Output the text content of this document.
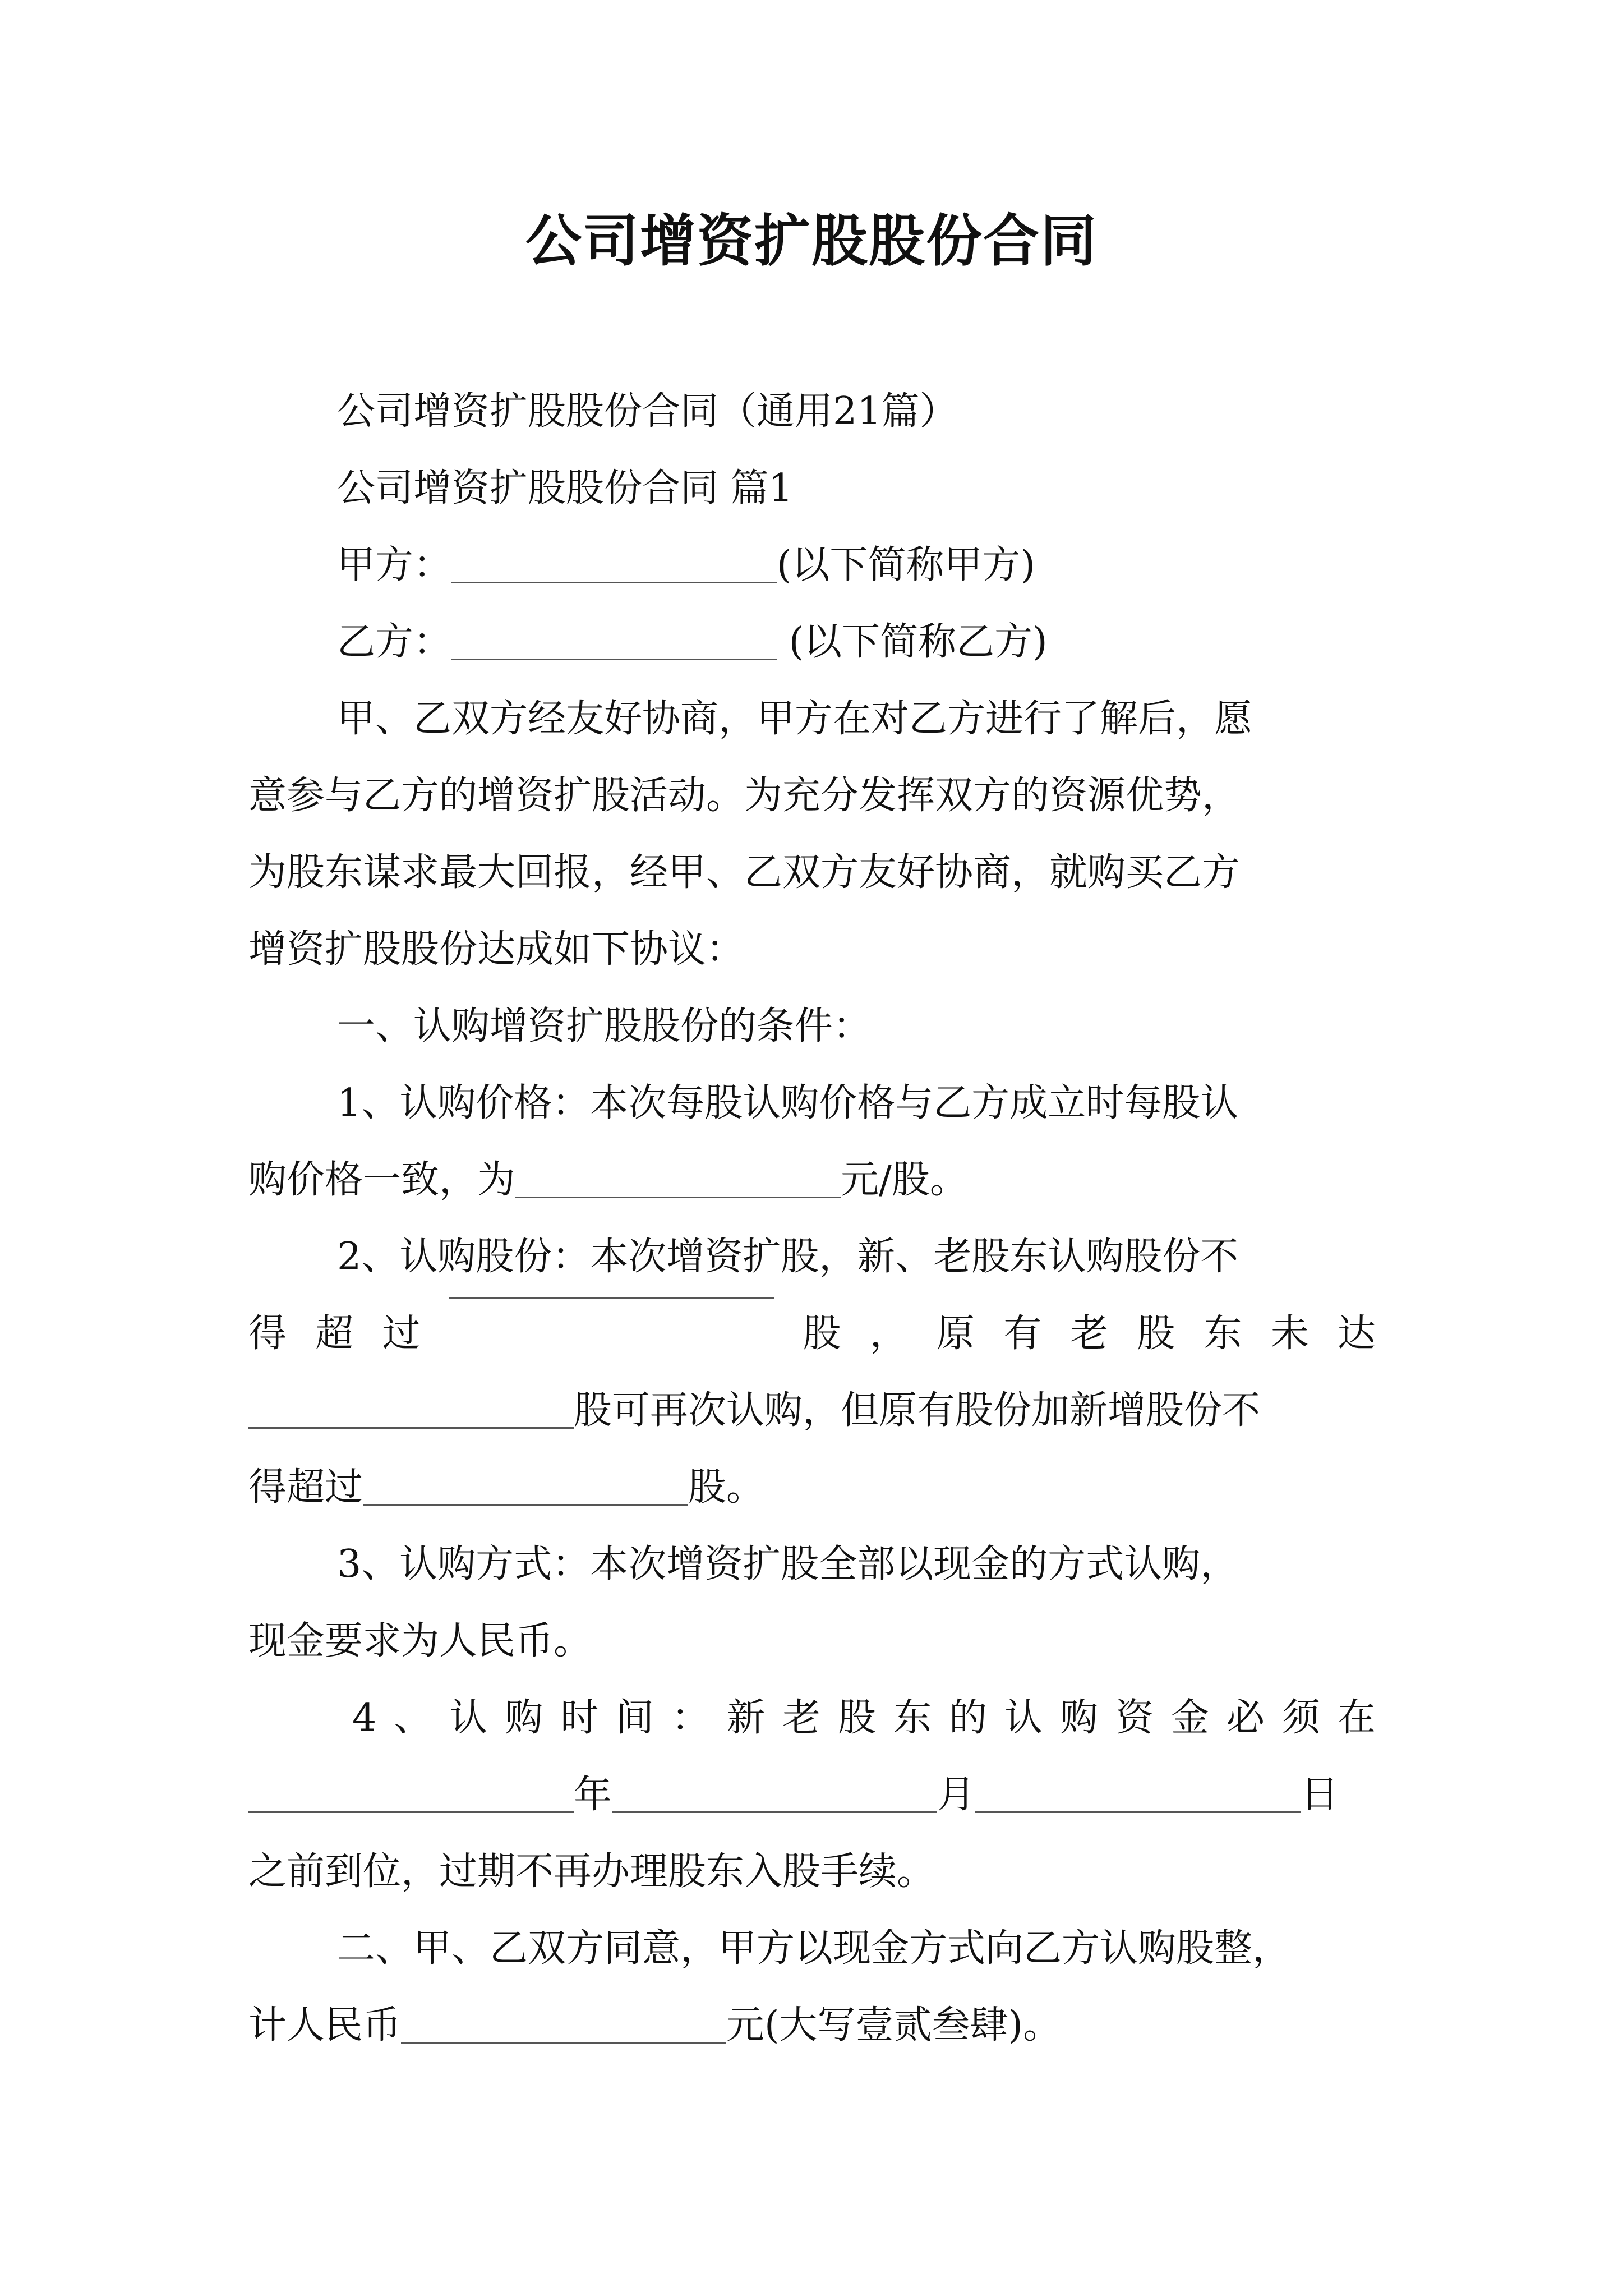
公司增资扩股股份合同
公司增资扩股股份合同（通用21篇）
公司增资扩股股份合同 篇1
甲方：	(以下简称甲方)
乙方：	(以下简称乙方)
甲、乙双方经友好协商，甲方在对乙方进行了解后，愿
意参与乙方的增资扩股活动。为充分发挥双方的资源优势，
为股东谋求最大回报，经甲、乙双方友好协商，就购买乙方
增资扩股股份达成如下协议：
一、认购增资扩股股份的条件：
1、认购价格：本次每股认购价格与乙方成立时每股认
购价格一致，为	元/股。
2、认购股份：本次增资扩股，新、老股东认购股份不
得 超 过	股 ， 原 有 老 股 东 未 达
股可再次认购，但原有股份加新增股份不
得超过	股。
3、认购方式：本次增资扩股全部以现金的方式认购，
现金要求为人民币。
4 、 认 购 时 间 ： 新 老 股 东 的 认 购 资 金 必 须 在
年	月	日
之前到位，过期不再办理股东入股手续。
二、甲、乙双方同意，甲方以现金方式向乙方认购股整，
计人民币	元(大写壹贰叁肆)。
